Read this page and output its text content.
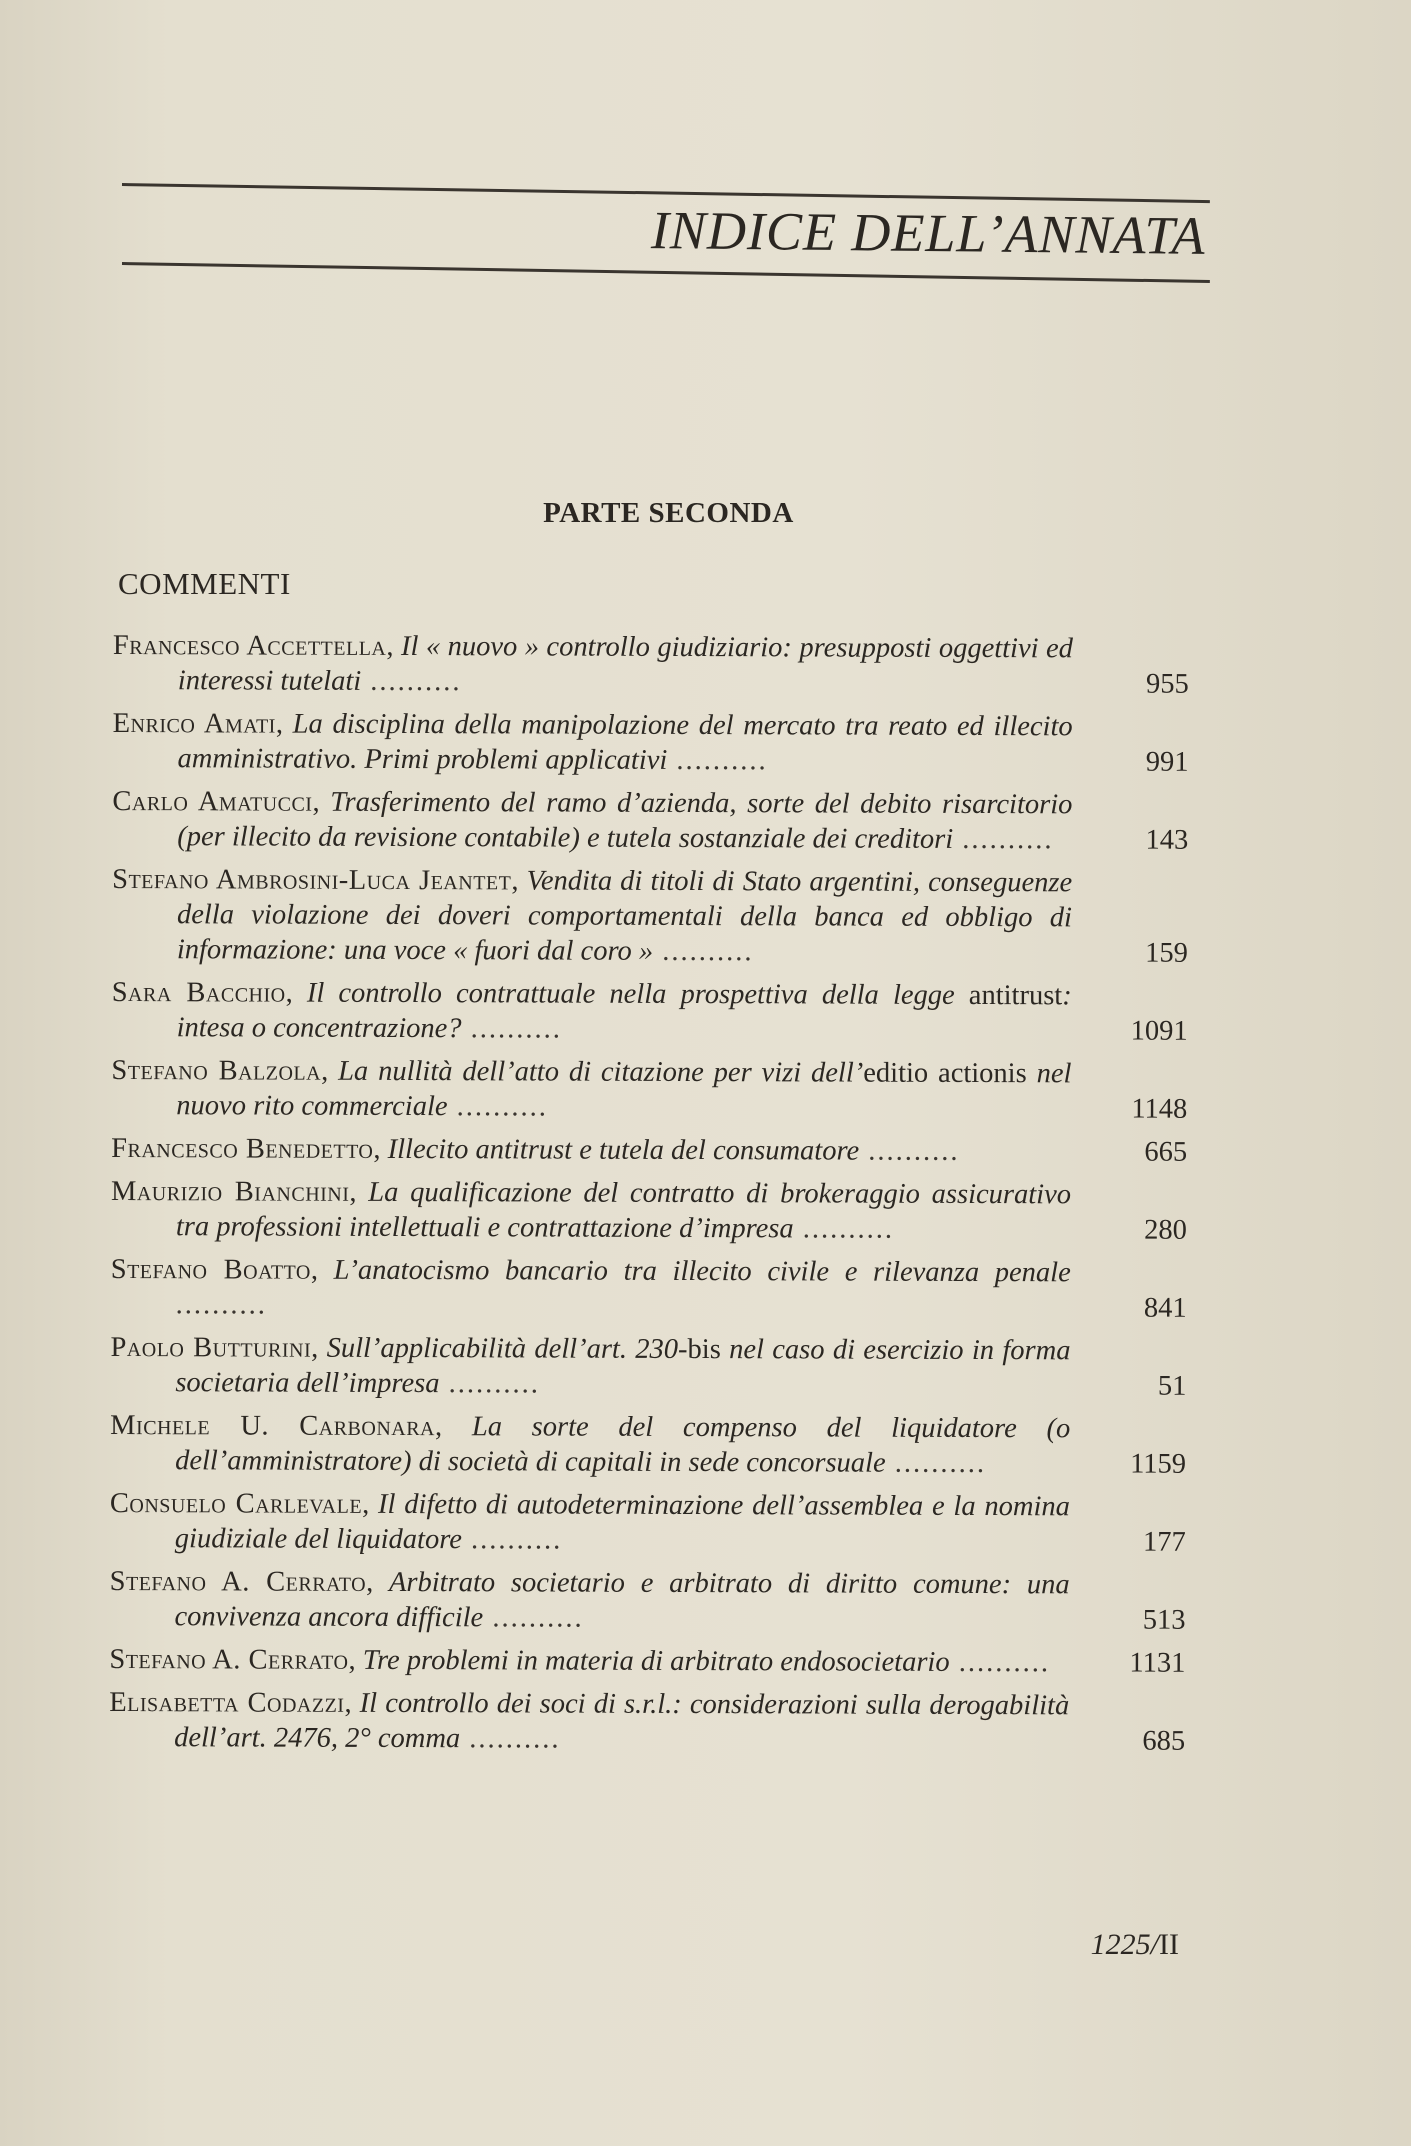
INDICE DELL’ANNATA
PARTE SECONDA
COMMENTI
Francesco Accettella, Il « nuovo » controllo giudiziario: presupposti oggettivi ed interessi tutelati ..........	955
Enrico Amati, La disciplina della manipolazione del mercato tra reato ed illecito amministrativo. Primi problemi applicativi ..........	991
Carlo Amatucci, Trasferimento del ramo d’azienda, sorte del debito risarcitorio (per illecito da revisione contabile) e tutela sostanziale dei creditori ..........	143
Stefano Ambrosini-Luca Jeantet, Vendita di titoli di Stato argentini, conseguenze della violazione dei doveri comportamentali della banca ed obbligo di informazione: una voce « fuori dal coro » ..........	159
Sara Bacchio, Il controllo contrattuale nella prospettiva della legge antitrust: intesa o concentrazione? ..........	1091
Stefano Balzola, La nullità dell’atto di citazione per vizi dell’editio actionis nel nuovo rito commerciale ..........	1148
Francesco Benedetto, Illecito antitrust e tutela del consumatore ..........	665
Maurizio Bianchini, La qualificazione del contratto di brokeraggio assicurativo tra professioni intellettuali e contrattazione d’impresa ..........	280
Stefano Boatto, L’anatocismo bancario tra illecito civile e rilevanza penale ..........	841
Paolo Butturini, Sull’applicabilità dell’art. 230-bis nel caso di esercizio in forma societaria dell’impresa ..........	51
Michele U. Carbonara, La sorte del compenso del liquidatore (o dell’amministratore) di società di capitali in sede concorsuale ..........	1159
Consuelo Carlevale, Il difetto di autodeterminazione dell’assemblea e la nomina giudiziale del liquidatore ..........	177
Stefano A. Cerrato, Arbitrato societario e arbitrato di diritto comune: una convivenza ancora difficile ..........	513
Stefano A. Cerrato, Tre problemi in materia di arbitrato endosocietario ..........	1131
Elisabetta Codazzi, Il controllo dei soci di s.r.l.: considerazioni sulla derogabilità dell’art. 2476, 2° comma ..........	685
1225/II
